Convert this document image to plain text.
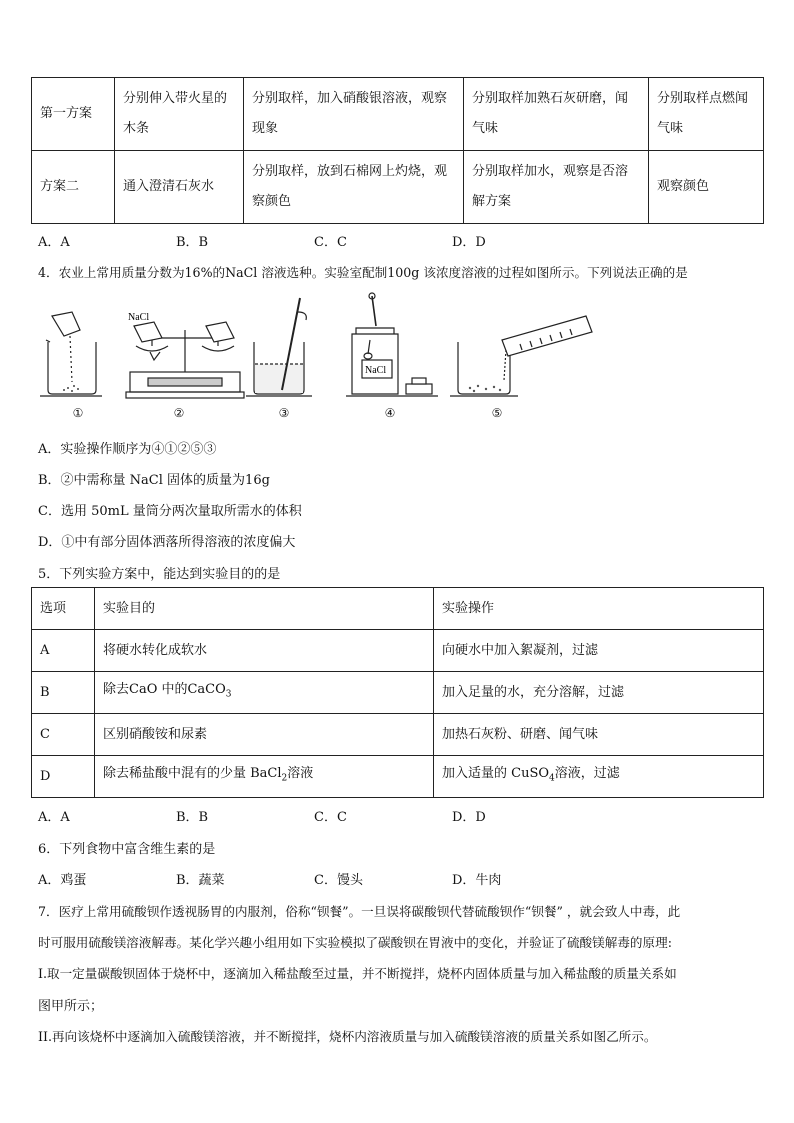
第一方案	分别伸入带火星的木条	分别取样，加入硝酸银溶液，观察现象	分别取样加熟石灰研磨，闻气味	分别取样点燃闻气味
方案二	通入澄清石灰水	分别取样，放到石棉网上灼烧，观察颜色	分别取样加水，观察是否溶解方案	观察颜色
A．A	B．B	C．C	D．D
4．农业上常用质量分数为16%的NaCl 溶液选种。实验室配制100g 该浓度溶液的过程如图所示。下列说法正确的是
NaCl
NaCl
①	②	③	④	⑤
A．实验操作顺序为④①②⑤③
B．②中需称量 NaCl 固体的质量为16g
C．选用 50mL 量筒分两次量取所需水的体积
D．①中有部分固体洒落所得溶液的浓度偏大
5．下列实验方案中，能达到实验目的的是
选项	实验目的	实验操作
A	将硬水转化成软水	向硬水中加入絮凝剂，过滤
B	除去CaO 中的CaCO$_3$	加入足量的水，充分溶解，过滤
C	区别硝酸铵和尿素	加热石灰粉、研磨、闻气味
D	除去稀盐酸中混有的少量 BaCl$_2$溶液	加入适量的 CuSO$_4$溶液，过滤
A．A	B．B	C．C	D．D
6．下列食物中富含维生素的是
A．鸡蛋	B．蔬菜	C．馒头	D．牛肉
7．医疗上常用硫酸钡作透视肠胃的内服剂，俗称“钡餐”。一旦误将碳酸钡代替硫酸钡作“钡餐” ，就会致人中毒，此
时可服用硫酸镁溶液解毒。某化学兴趣小组用如下实验模拟了碳酸钡在胃液中的变化，并验证了硫酸镁解毒的原理:
I.取一定量碳酸钡固体于烧杯中，逐滴加入稀盐酸至过量，并不断搅拌，烧杯内固体质量与加入稀盐酸的质量关系如
图甲所示；
II.再向该烧杯中逐滴加入硫酸镁溶液，并不断搅拌，烧杯内溶液质量与加入硫酸镁溶液的质量关系如图乙所示。
